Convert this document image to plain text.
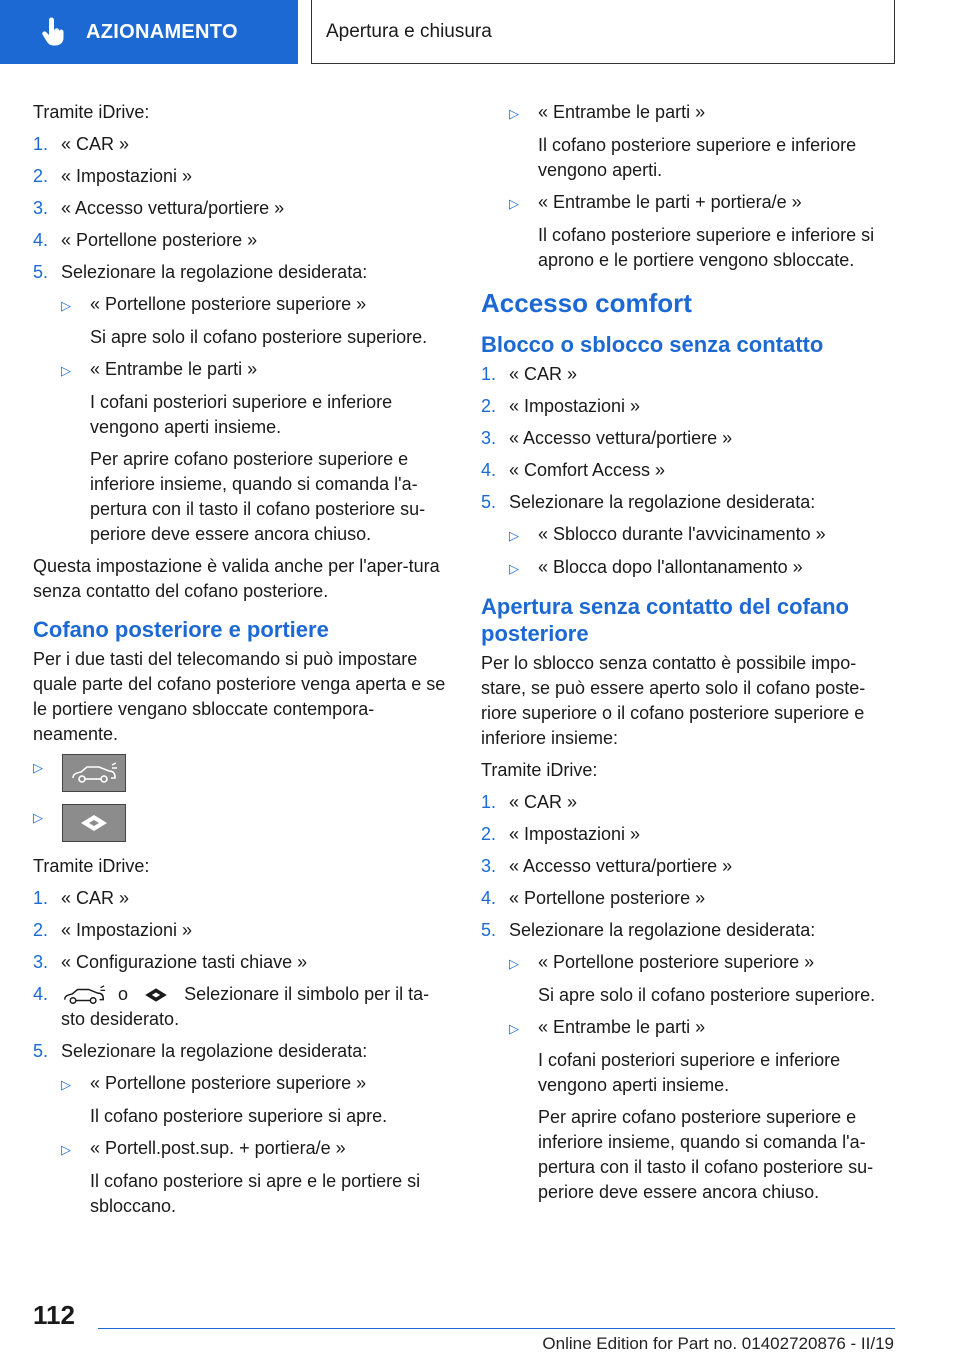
AZIONAMENTO	Apertura e chiusura

Tramite iDrive:

1. « CAR »
2. « Impostazioni »
3. « Accesso vettura/portiere »
4. « Portellone posteriore »
5. Selezionare la regolazione desiderata:
▷	« Portellone posteriore superiore »
Si apre solo il cofano posteriore superiore.
▷	« Entrambe le parti »
I cofani posteriori superiore e inferiore vengono aperti insieme.
Per aprire cofano posteriore superiore e inferiore insieme, quando si comanda l'a-pertura con il tasto il cofano posteriore su-periore deve essere ancora chiuso.

Questa impostazione è valida anche per l'aper-tura senza contatto del cofano posteriore.

Cofano posteriore e portiere

Per i due tasti del telecomando si può impostare quale parte del cofano posteriore venga aperta e se le portiere vengano sbloccate contempora-neamente.

▷
▷

Tramite iDrive:

1. « CAR »
2. « Impostazioni »
3. « Configurazione tasti chiave »
4.	o	Selezionare il simbolo per il ta-sto desiderato.
5. Selezionare la regolazione desiderata:
▷	« Portellone posteriore superiore »
Il cofano posteriore superiore si apre.
▷	« Portell.post.sup. + portiera/e »
Il cofano posteriore si apre e le portiere si sbloccano.
▷	« Entrambe le parti »
Il cofano posteriore superiore e inferiore vengono aperti.
▷	« Entrambe le parti + portiera/e »
Il cofano posteriore superiore e inferiore si aprono e le portiere vengono sbloccate.
Accesso comfort
Blocco o sblocco senza contatto
1. « CAR »
2. « Impostazioni »
3. « Accesso vettura/portiere »
4. « Comfort Access »
5. Selezionare la regolazione desiderata:
▷	« Sblocco durante l'avvicinamento »
▷	« Blocca dopo l'allontanamento »
Apertura senza contatto del cofano posteriore

Per lo sblocco senza contatto è possibile impo-stare, se può essere aperto solo il cofano poste-riore superiore o il cofano posteriore superiore e inferiore insieme:

Tramite iDrive:

1. « CAR »
2. « Impostazioni »
3. « Accesso vettura/portiere »
4. « Portellone posteriore »
5. Selezionare la regolazione desiderata:
▷	« Portellone posteriore superiore »
Si apre solo il cofano posteriore superiore.
▷	« Entrambe le parti »
I cofani posteriori superiore e inferiore vengono aperti insieme.
Per aprire cofano posteriore superiore e inferiore insieme, quando si comanda l'a-pertura con il tasto il cofano posteriore su-periore deve essere ancora chiuso.
112
Online Edition for Part no. 01402720876 - II/19
